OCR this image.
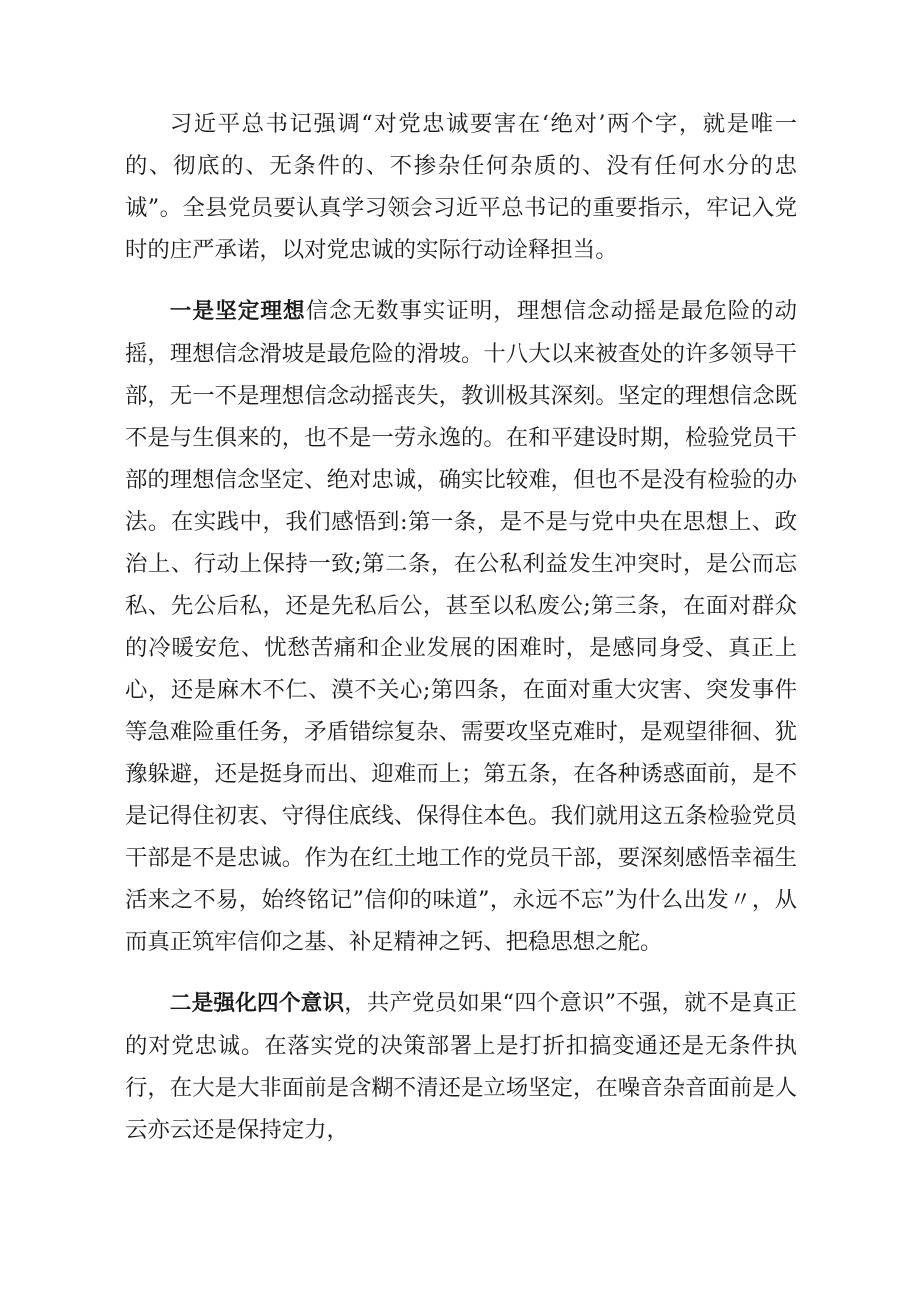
习近平总书记强调“对党忠诚要害在‘绝对’两个字，就是唯一的、彻底的、无条件的、不掺杂任何杂质的、没有任何水分的忠诚”。全县党员要认真学习领会习近平总书记的重要指示，牢记入党时的庄严承诺，以对党忠诚的实际行动诠释担当。

一是坚定理想信念无数事实证明，理想信念动摇是最危险的动摇，理想信念滑坡是最危险的滑坡。十八大以来被查处的许多领导干部，无一不是理想信念动摇丧失，教训极其深刻。坚定的理想信念既不是与生俱来的，也不是一劳永逸的。在和平建设时期，检验党员干部的理想信念坚定、绝对忠诚，确实比较难，但也不是没有检验的办法。在实践中，我们感悟到:第一条，是不是与党中央在思想上、政治上、行动上保持一致;第二条，在公私利益发生冲突时，是公而忘私、先公后私，还是先私后公，甚至以私废公;第三条，在面对群众的冷暖安危、忧愁苦痛和企业发展的困难时，是感同身受、真正上心，还是麻木不仁、漠不关心;第四条，在面对重大灾害、突发事件等急难险重任务，矛盾错综复杂、需要攻坚克难时，是观望徘徊、犹豫躲避，还是挺身而出、迎难而上；第五条，在各种诱惑面前，是不是记得住初衷、守得住底线、保得住本色。我们就用这五条检验党员干部是不是忠诚。作为在红土地工作的党员干部，要深刻感悟幸福生活来之不易，始终铭记”信仰的味道”，永远不忘”为什么出发〃，从而真正筑牢信仰之基、补足精神之钙、把稳思想之舵。

二是强化四个意识，共产党员如果“四个意识”不强，就不是真正的对党忠诚。在落实党的决策部署上是打折扣搞变通还是无条件执行，在大是大非面前是含糊不清还是立场坚定，在噪音杂音面前是人云亦云还是保持定力，
